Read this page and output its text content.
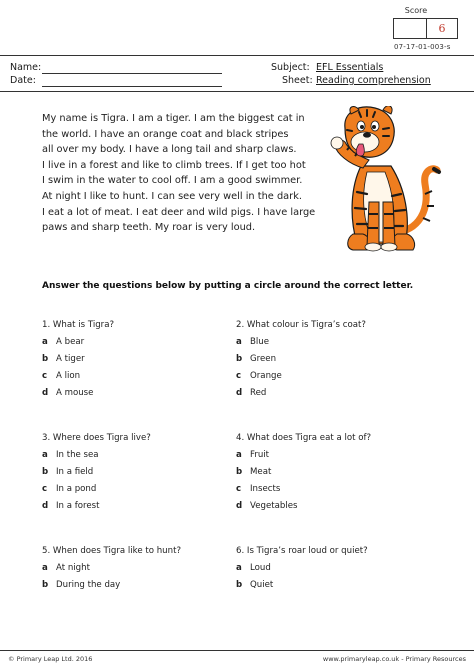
Score
6
07-17-01-003-s
Name:
Date:
Subject: EFL Essentials
Sheet: Reading comprehension
My name is Tigra. I am a tiger. I am the biggest cat in
the world. I have an orange coat and black stripes
all over my body. I have a long tail and sharp claws.
I live in a forest and like to climb trees. If I get too hot
I swim in the water to cool off. I am a good swimmer.
At night I like to hunt. I can see very well in the dark.
I eat a lot of meat. I eat deer and wild pigs. I have large
paws and sharp teeth. My roar is very loud.
Answer the questions below by putting a circle around the correct letter.
1. What is Tigra?
a A bear
b A tiger
c	A lion
d A mouse
2. What colour is Tigra’s coat?
a Blue
b Green
c	Orange
d Red
3. Where does Tigra live?
a In the sea
b In a field
c	In a pond
d In a forest
4. What does Tigra eat a lot of?
a Fruit
b Meat
c	Insects
d Vegetables
5. When does Tigra like to hunt?
a At night
b During the day
6. Is Tigra’s roar loud or quiet?
a Loud
b Quiet
© Primary Leap Ltd. 2016	www.primaryleap.co.uk - Primary Resources
